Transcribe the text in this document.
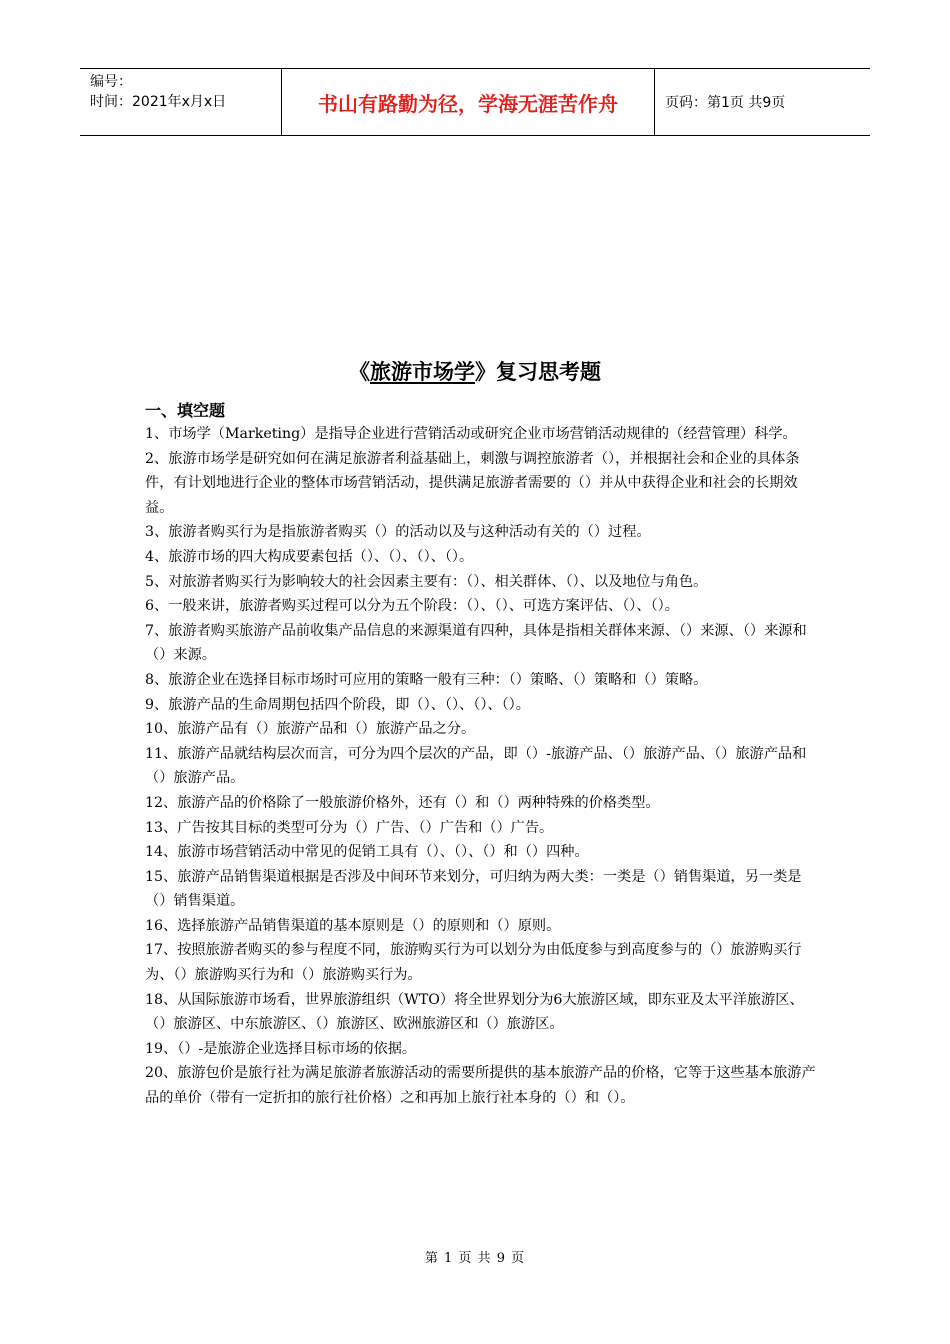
编号：
时间：2021年x月x日	书山有路勤为径，学海无涯苦作舟	页码：第1页 共9页
《旅游市场学》复习思考题
一、填空题

1、市场学（Marketing）是指导企业进行营销活动或研究企业市场营销活动规律的（经营管理）科学。

2、旅游市场学是研究如何在满足旅游者利益基础上，刺激与调控旅游者（），并根据社会和企业的具体条件，有计划地进行企业的整体市场营销活动，提供满足旅游者需要的（）并从中获得企业和社会的长期效益。

3、旅游者购买行为是指旅游者购买（）的活动以及与这种活动有关的（）过程。

4、旅游市场的四大构成要素包括（）、（）、（）、（）。

5、对旅游者购买行为影响较大的社会因素主要有：（）、相关群体、（）、以及地位与角色。

6、一般来讲，旅游者购买过程可以分为五个阶段：（）、（）、可选方案评估、（）、（）。

7、旅游者购买旅游产品前收集产品信息的来源渠道有四种，具体是指相关群体来源、（）来源、（）来源和（）来源。

8、旅游企业在选择目标市场时可应用的策略一般有三种：（）策略、（）策略和（）策略。

9、旅游产品的生命周期包括四个阶段，即（）、（）、（）、（）。

10、旅游产品有（）旅游产品和（）旅游产品之分。

11、旅游产品就结构层次而言，可分为四个层次的产品，即（）-旅游产品、（）旅游产品、（）旅游产品和（）旅游产品。

12、旅游产品的价格除了一般旅游价格外，还有（）和（）两种特殊的价格类型。

13、广告按其目标的类型可分为（）广告、（）广告和（）广告。

14、旅游市场营销活动中常见的促销工具有（）、（）、（）和（）四种。

15、旅游产品销售渠道根据是否涉及中间环节来划分，可归纳为两大类：一类是（）销售渠道，另一类是（）销售渠道。

16、选择旅游产品销售渠道的基本原则是（）的原则和（）原则。

17、按照旅游者购买的参与程度不同，旅游购买行为可以划分为由低度参与到高度参与的（）旅游购买行为、（）旅游购买行为和（）旅游购买行为。

18、从国际旅游市场看，世界旅游组织（WTO）将全世界划分为6大旅游区域，即东亚及太平洋旅游区、（）旅游区、中东旅游区、（）旅游区、欧洲旅游区和（）旅游区。

19、（）-是旅游企业选择目标市场的依据。

20、旅游包价是旅行社为满足旅游者旅游活动的需要所提供的基本旅游产品的价格，它等于这些基本旅游产品的单价（带有一定折扣的旅行社价格）之和再加上旅行社本身的（）和（）。

第 1 页 共 9 页
